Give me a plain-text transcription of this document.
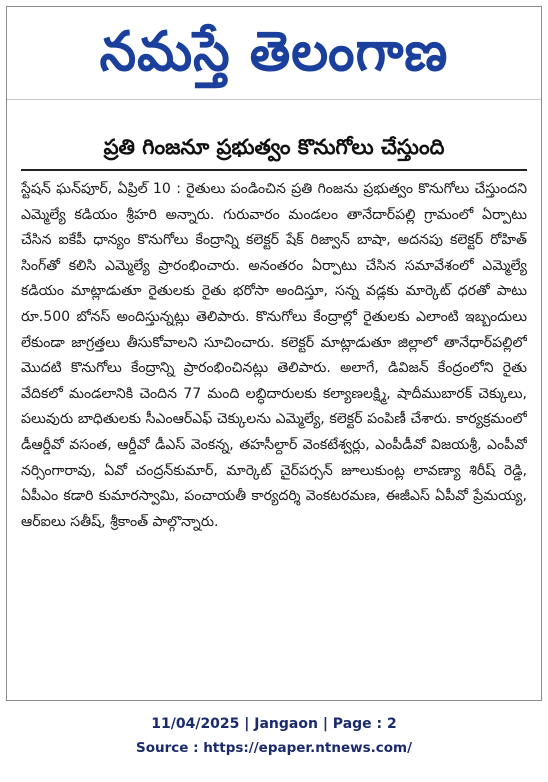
నమస్తే తెలంగాణ
ప్రతి గింజనూ ప్రభుత్వం కొనుగోలు చేస్తుంది
స్టేషన్ ఘన్‌పూర్, ఏప్రిల్ 10 : రైతులు పండించిన ప్రతి గింజను ప్రభుత్వం కొనుగోలు చేస్తుందని ఎమ్మెల్యే కడియం శ్రీహరి అన్నారు. గురువారం మండలం తానేదార్‌పల్లి గ్రామంలో ఏర్పాటు చేసిన ఐకేపీ ధాన్యం కొనుగోలు కేంద్రాన్ని కలెక్టర్ షేక్ రిజ్వాన్ బాషా, అదనపు కలెక్టర్ రోహిత్ సింగ్‌తో కలిసి ఎమ్మెల్యే ప్రారంభించారు. అనంతరం ఏర్పాటు చేసిన సమావేశంలో ఎమ్మెల్యే కడియం మాట్లాడుతూ రైతులకు రైతు భరోసా అందిస్తూ, సన్న వడ్లకు మార్కెట్ ధరతో పాటు రూ.500 బోనస్ అందిస్తున్నట్లు తెలిపారు. కొనుగోలు కేంద్రాల్లో రైతులకు ఎలాంటి ఇబ్బందులు లేకుండా జాగ్రత్తలు తీసుకోవాలని సూచించారు. కలెక్టర్ మాట్లాడుతూ జిల్లాలో తానేధార్‌పల్లిలో మొదటి కొనుగోలు కేంద్రాన్ని ప్రారంభించినట్లు తెలిపారు. అలాగే, డివిజన్ కేంద్రంలోని రైతు వేదికలో మండలానికి చెందిన 77 మంది లబ్ధిదారులకు కల్యాణలక్ష్మి, షాదీముబారక్ చెక్కులు, పలువురు బాధితులకు సీఎంఆర్‌ఎఫ్ చెక్కులను ఎమ్మెల్యే, కలెక్టర్ పంపిణీ చేశారు. కార్యక్రమంలో డీఆర్డీవో వసంత, ఆర్డీవో డీఎస్ వెంకన్న, తహసీల్దార్ వెంకటేశ్వర్లు, ఎంపీడీవో విజయశ్రీ, ఎంపీవో నర్సింగారావు, ఏవో చంద్రన్‌కుమార్, మార్కెట్ చైర్‌పర్సన్ జూలుకుంట్ల లావణ్యా శిరీష్ రెడ్డి, ఏపీఎం కడారి కుమారస్వామి, పంచాయతీ కార్యదర్శి వెంకటరమణ, ఈజీఎస్ ఏపీవో ప్రేమయ్య, ఆర్‌ఐలు సతీష్, శ్రీకాంత్ పాల్గొన్నారు.
11/04/2025 | Jangaon | Page : 2
Source : https://epaper.ntnews.com/
